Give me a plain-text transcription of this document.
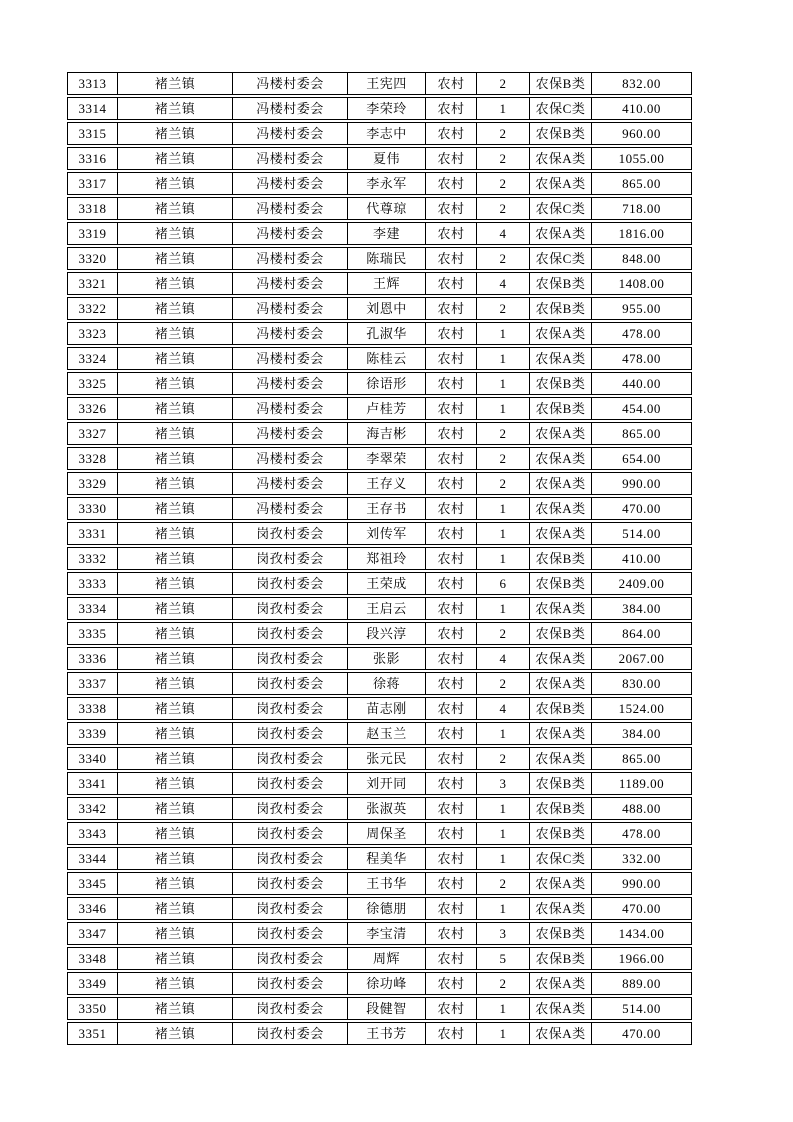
3313	褚兰镇	冯楼村委会	王宪四	农村	2	农保B类	832.00
3314	褚兰镇	冯楼村委会	李荣玲	农村	1	农保C类	410.00
3315	褚兰镇	冯楼村委会	李志中	农村	2	农保B类	960.00
3316	褚兰镇	冯楼村委会	夏伟	农村	2	农保A类	1055.00
3317	褚兰镇	冯楼村委会	李永军	农村	2	农保A类	865.00
3318	褚兰镇	冯楼村委会	代尊琼	农村	2	农保C类	718.00
3319	褚兰镇	冯楼村委会	李建	农村	4	农保A类	1816.00
3320	褚兰镇	冯楼村委会	陈瑞民	农村	2	农保C类	848.00
3321	褚兰镇	冯楼村委会	王辉	农村	4	农保B类	1408.00
3322	褚兰镇	冯楼村委会	刘恩中	农村	2	农保B类	955.00
3323	褚兰镇	冯楼村委会	孔淑华	农村	1	农保A类	478.00
3324	褚兰镇	冯楼村委会	陈桂云	农村	1	农保A类	478.00
3325	褚兰镇	冯楼村委会	徐语形	农村	1	农保B类	440.00
3326	褚兰镇	冯楼村委会	卢桂芳	农村	1	农保B类	454.00
3327	褚兰镇	冯楼村委会	海吉彬	农村	2	农保A类	865.00
3328	褚兰镇	冯楼村委会	李翠荣	农村	2	农保A类	654.00
3329	褚兰镇	冯楼村委会	王存义	农村	2	农保A类	990.00
3330	褚兰镇	冯楼村委会	王存书	农村	1	农保A类	470.00
3331	褚兰镇	岗孜村委会	刘传军	农村	1	农保A类	514.00
3332	褚兰镇	岗孜村委会	郑祖玲	农村	1	农保B类	410.00
3333	褚兰镇	岗孜村委会	王荣成	农村	6	农保B类	2409.00
3334	褚兰镇	岗孜村委会	王启云	农村	1	农保A类	384.00
3335	褚兰镇	岗孜村委会	段兴淳	农村	2	农保B类	864.00
3336	褚兰镇	岗孜村委会	张影	农村	4	农保A类	2067.00
3337	褚兰镇	岗孜村委会	徐蒋	农村	2	农保A类	830.00
3338	褚兰镇	岗孜村委会	苗志刚	农村	4	农保B类	1524.00
3339	褚兰镇	岗孜村委会	赵玉兰	农村	1	农保A类	384.00
3340	褚兰镇	岗孜村委会	张元民	农村	2	农保A类	865.00
3341	褚兰镇	岗孜村委会	刘开同	农村	3	农保B类	1189.00
3342	褚兰镇	岗孜村委会	张淑英	农村	1	农保B类	488.00
3343	褚兰镇	岗孜村委会	周保圣	农村	1	农保B类	478.00
3344	褚兰镇	岗孜村委会	程美华	农村	1	农保C类	332.00
3345	褚兰镇	岗孜村委会	王书华	农村	2	农保A类	990.00
3346	褚兰镇	岗孜村委会	徐德朋	农村	1	农保A类	470.00
3347	褚兰镇	岗孜村委会	李宝清	农村	3	农保B类	1434.00
3348	褚兰镇	岗孜村委会	周辉	农村	5	农保B类	1966.00
3349	褚兰镇	岗孜村委会	徐功峰	农村	2	农保A类	889.00
3350	褚兰镇	岗孜村委会	段健智	农村	1	农保A类	514.00
3351	褚兰镇	岗孜村委会	王书芳	农村	1	农保A类	470.00
